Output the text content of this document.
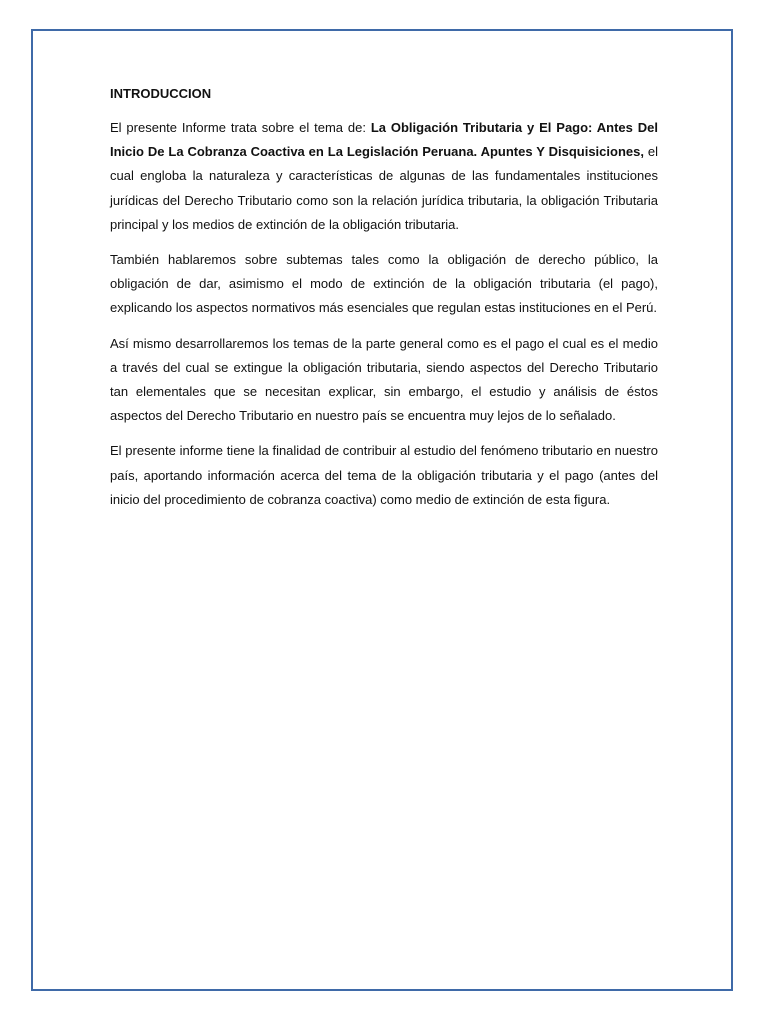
INTRODUCCION

El presente Informe trata sobre el tema de: La Obligación Tributaria y El Pago: Antes Del Inicio De La Cobranza Coactiva en La Legislación Peruana. Apuntes Y Disquisiciones, el cual engloba la naturaleza y características de algunas de las fundamentales instituciones jurídicas del Derecho Tributario como son la relación jurídica tributaria, la obligación Tributaria principal y los medios de extinción de la obligación tributaria.

También hablaremos sobre subtemas tales como la obligación de derecho público, la obligación de dar, asimismo el modo de extinción de la obligación tributaria (el pago), explicando los aspectos normativos más esenciales que regulan estas instituciones en el Perú.

Así mismo desarrollaremos los temas de la parte general como es el pago el cual es el medio a través del cual se extingue la obligación tributaria, siendo aspectos del Derecho Tributario tan elementales que se necesitan explicar, sin embargo, el estudio y análisis de éstos aspectos del Derecho Tributario en nuestro país se encuentra muy lejos de lo señalado.

El presente informe tiene la finalidad de contribuir al estudio del fenómeno tributario en nuestro país, aportando información acerca del tema de la obligación tributaria y el pago (antes del inicio del procedimiento de cobranza coactiva) como medio de extinción de esta figura.
